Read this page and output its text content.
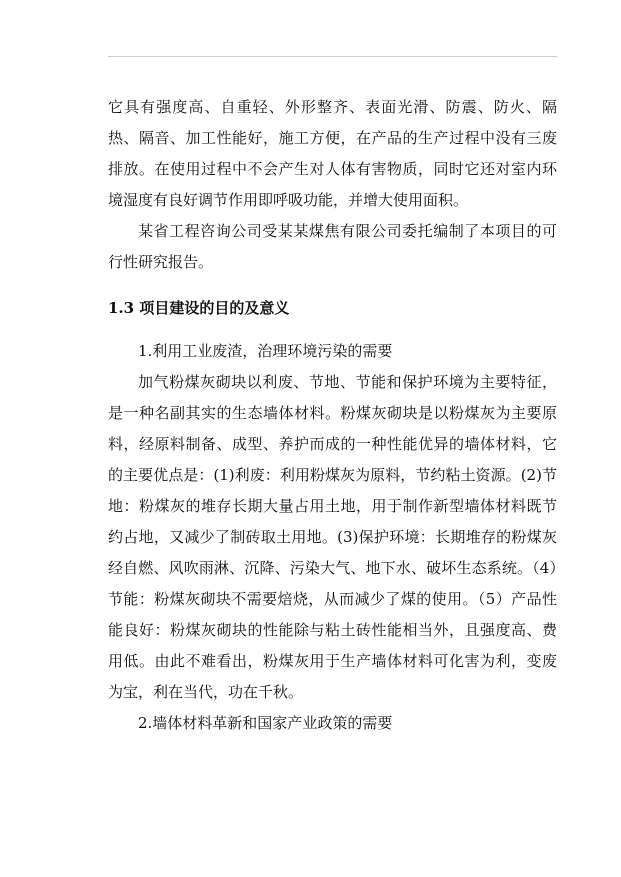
它具有强度高、自重轻、外形整齐、表面光滑、防震、防火、隔热、隔音、加工性能好，施工方便，在产品的生产过程中没有三废排放。在使用过程中不会产生对人体有害物质，同时它还对室内环境湿度有良好调节作用即呼吸功能，并增大使用面积。

某省工程咨询公司受某某煤焦有限公司委托编制了本项目的可行性研究报告。

1.3 项目建设的目的及意义

1.利用工业废渣，治理环境污染的需要

加气粉煤灰砌块以利废、节地、节能和保护环境为主要特征，是一种名副其实的生态墙体材料。粉煤灰砌块是以粉煤灰为主要原料，经原料制备、成型、养护而成的一种性能优异的墙体材料，它的主要优点是：(1)利废：利用粉煤灰为原料，节约粘土资源。(2)节地：粉煤灰的堆存长期大量占用土地，用于制作新型墙体材料既节约占地，又减少了制砖取土用地。(3)保护环境：长期堆存的粉煤灰经自燃、风吹雨淋、沉降、污染大气、地下水、破坏生态系统。（4）节能：粉煤灰砌块不需要焙烧，从而减少了煤的使用。（5）产品性能良好：粉煤灰砌块的性能除与粘土砖性能相当外，且强度高、费用低。由此不难看出，粉煤灰用于生产墙体材料可化害为利，变废为宝，利在当代，功在千秋。

2.墙体材料革新和国家产业政策的需要
